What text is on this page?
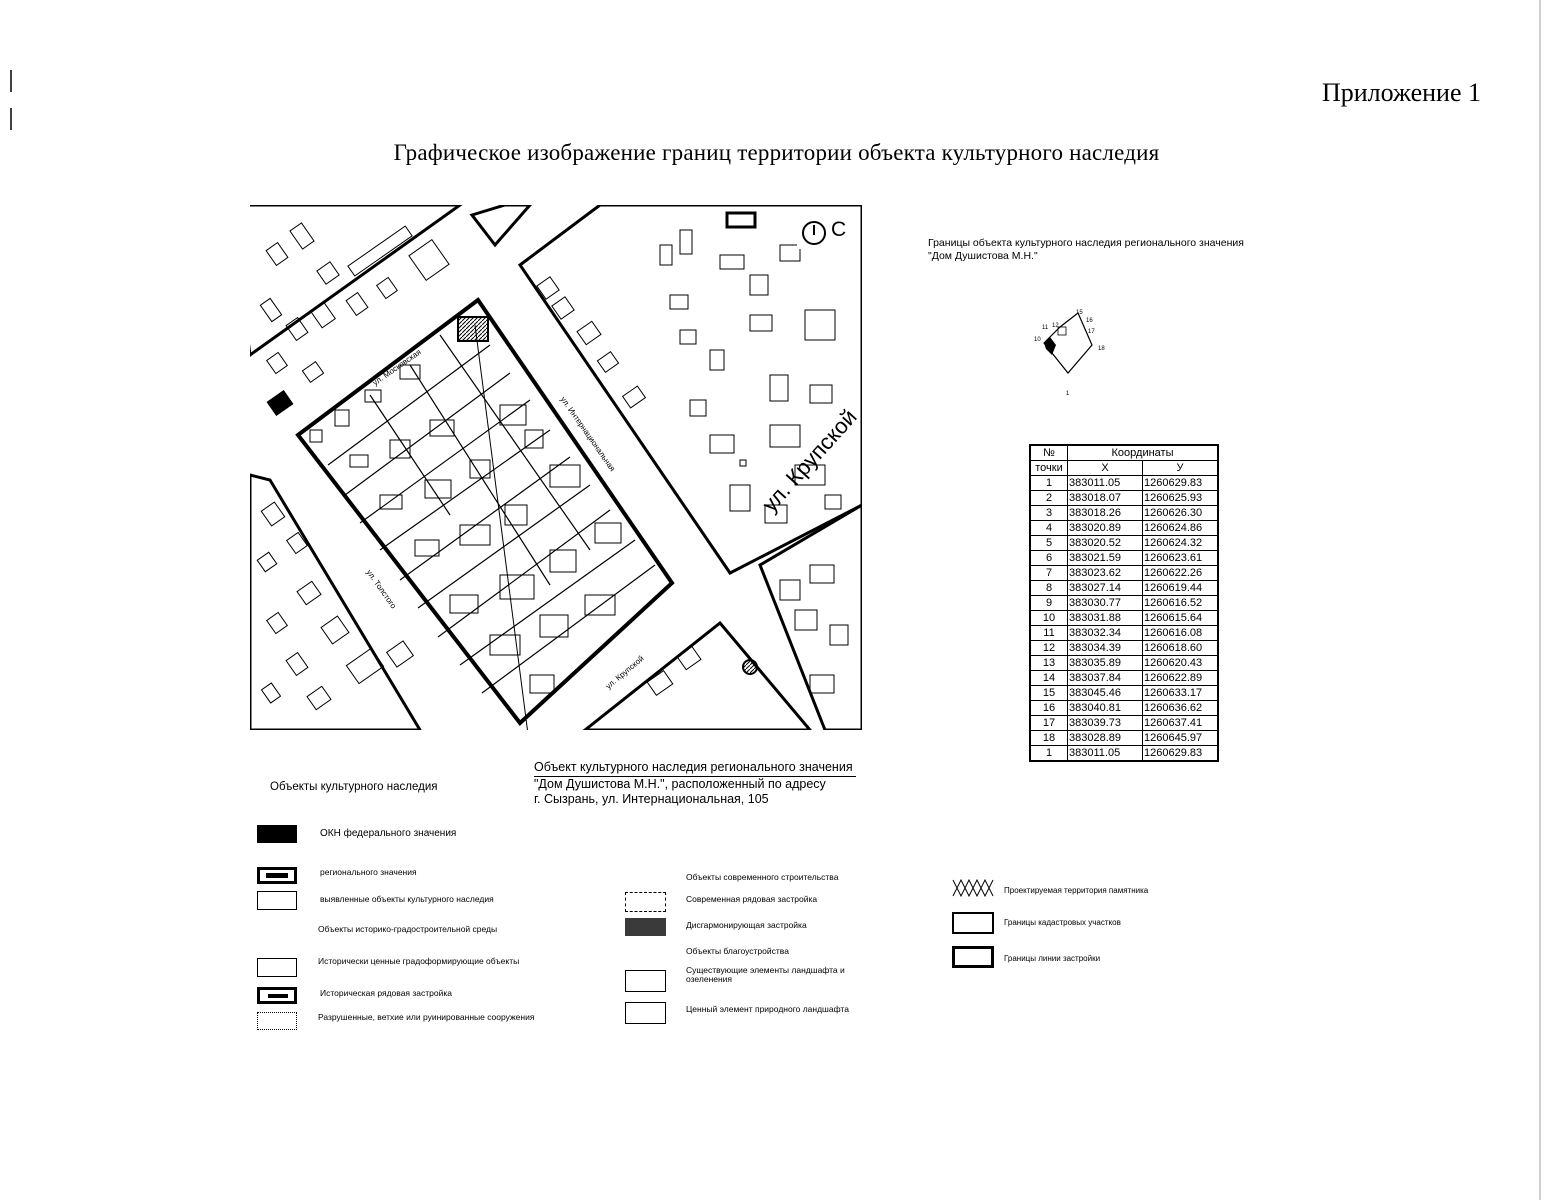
Приложение 1
Графическое изображение границ территории объекта культурного наследия
С
ул. Крупской
ул. Крупской
ул. Интернациональная
ул. Толстого
ул. Московская
Объект культурного наследия регионального значения
"Дом Душистова М.Н.", расположенный по адресу
г. Сызрань, ул. Интернациональная, 105
Границы объекта культурного наследия регионального значения
"Дом Душистова М.Н."
15
16
17
18
1
10
11 12
№	Координаты	
точки	X	У
1	383011.05	1260629.83
2	383018.07	1260625.93
3	383018.26	1260626.30
4	383020.89	1260624.86
5	383020.52	1260624.32
6	383021.59	1260623.61
7	383023.62	1260622.26
8	383027.14	1260619.44
9	383030.77	1260616.52
10	383031.88	1260615.64
11	383032.34	1260616.08
12	383034.39	1260618.60
13	383035.89	1260620.43
14	383037.84	1260622.89
15	383045.46	1260633.17
16	383040.81	1260636.62
17	383039.73	1260637.41
18	383028.89	1260645.97
1	383011.05	1260629.83
Объекты культурного наследия
ОКН федерального значения
регионального значения
выявленные объекты культурного наследия
Объекты историко-градостроительной среды
Исторически ценные градоформирующие объекты
Историческая рядовая застройка
Разрушенные, ветхие или руинированные сооружения
Объекты современного строительства
Современная рядовая застройка
Дисгармонирующая застройка
Объекты благоустройства
Существующие элементы ландшафта и озеленения
Ценный элемент природного ландшафта
Проектируемая территория памятника
Границы кадастровых участков
Границы линии застройки
